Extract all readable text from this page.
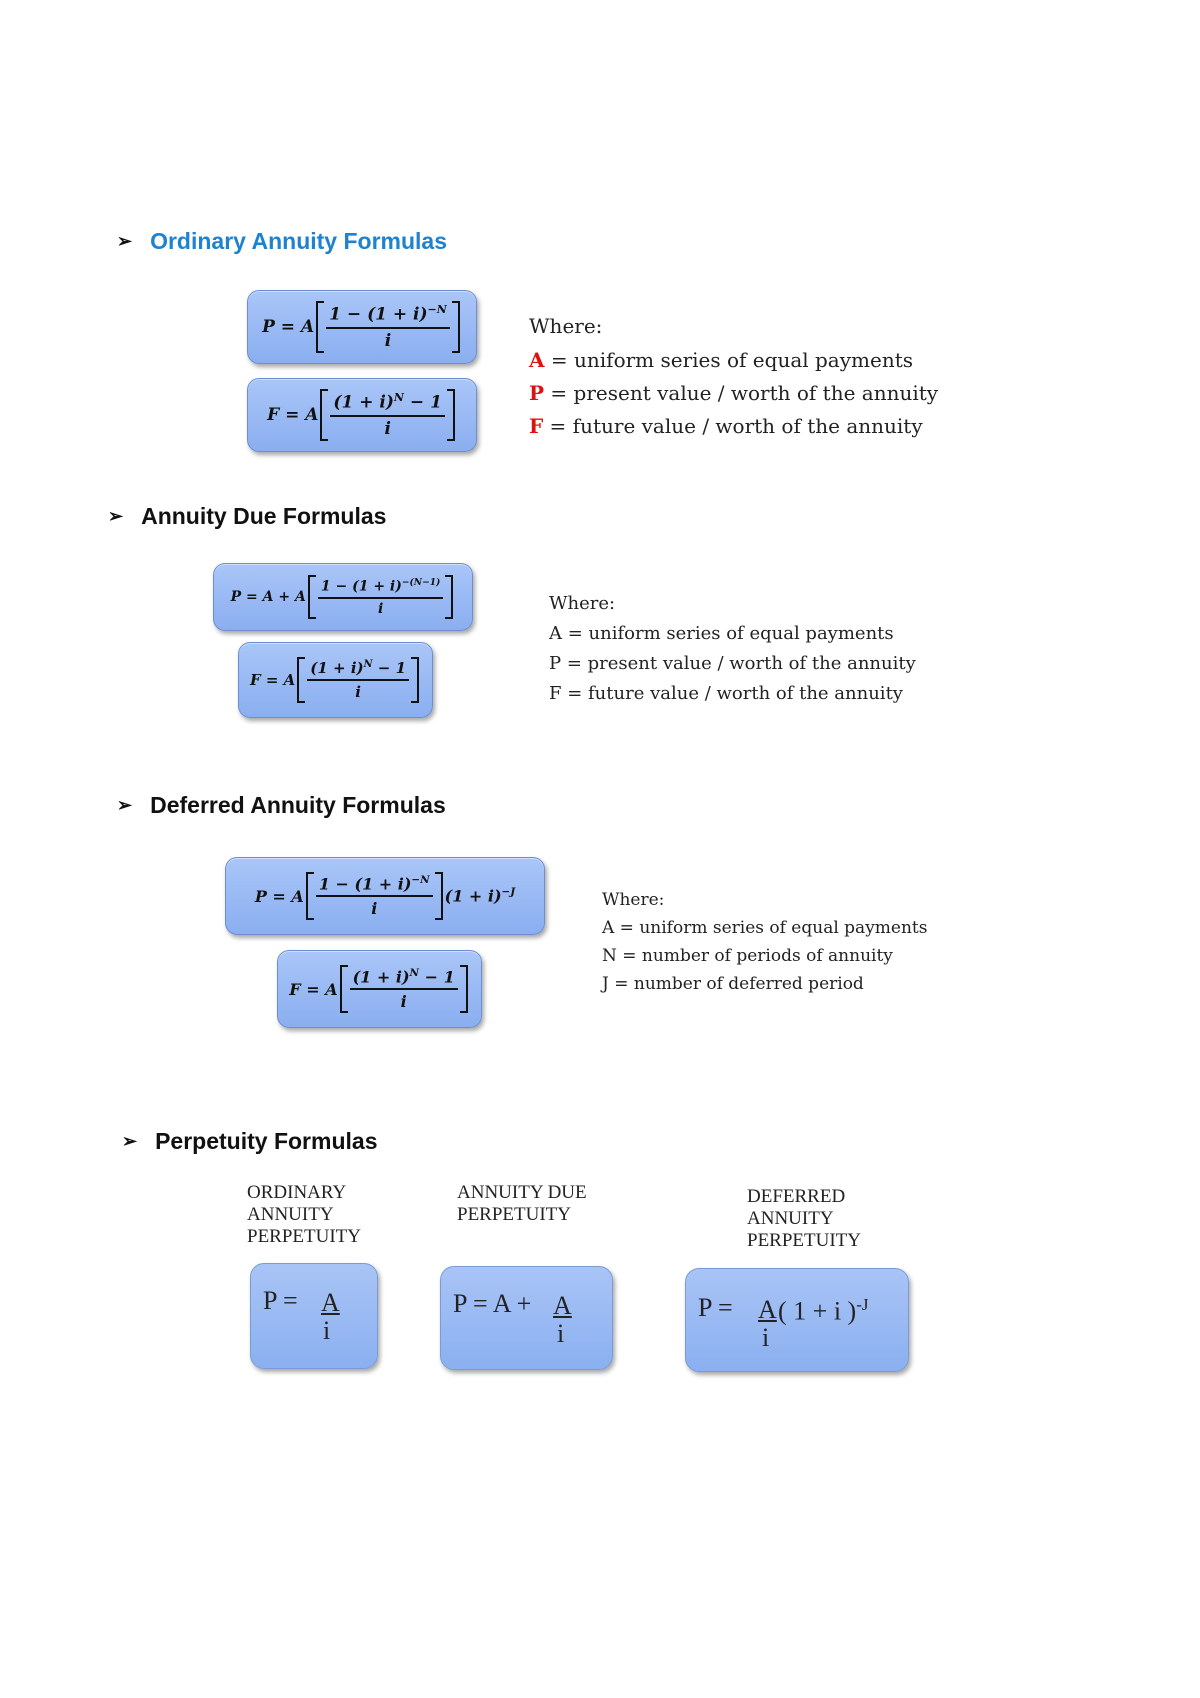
➢ Ordinary Annuity Formulas
P = A $\frac{1 - (1 + i)^{-N}}{i}$
F = A $\frac{(1 + i)^N - 1}{i}$
Where:
A = uniform series of equal payments
P = present value / worth of the annuity
F = future value / worth of the annuity
➢ Annuity Due Formulas
P = A + A $\frac{1 - (1 + i)^{-(N-1)}}{i}$
F = A $\frac{(1 + i)^N - 1}{i}$
Where:
A = uniform series of equal payments
P = present value / worth of the annuity
F = future value / worth of the annuity
➢ Deferred Annuity Formulas
P = A $\frac{1 - (1 + i)^{-N}}{i} (1 + i)^{-J}$
F = A $\frac{(1 + i)^N - 1}{i}$
Where:
A = uniform series of equal payments
N = number of periods of annuity
J = number of deferred period
➢ Perpetuity Formulas
ORDINARY
ANNUITY
PERPETUITY
ANNUITY DUE
PERPETUITY
DEFERRED
ANNUITY
PERPETUITY
P = A
i
P = A + A
i
P = A ( 1 + i )$^{-J}$
i
